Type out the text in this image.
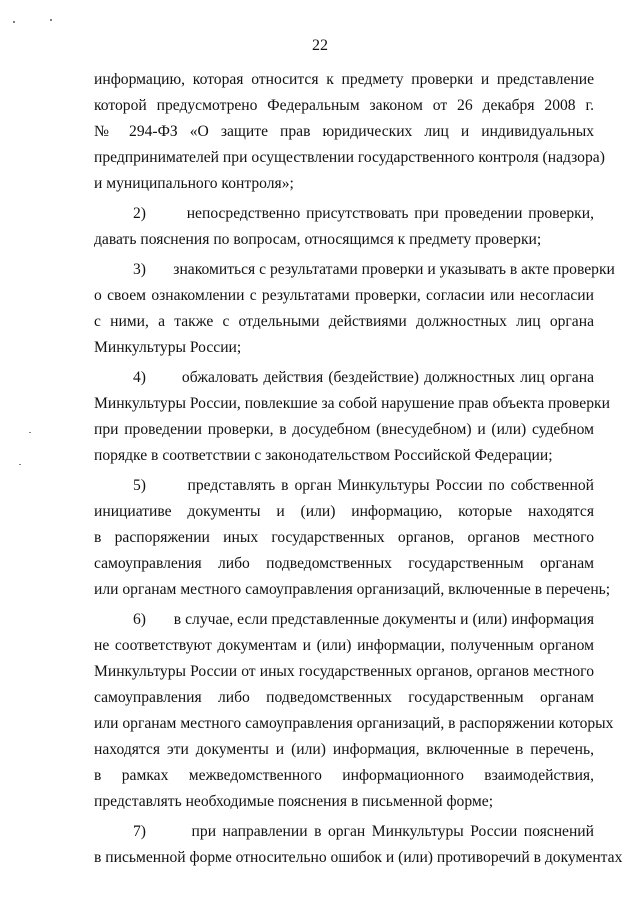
22
информацию, которая относится к предмету проверки и представление
которой предусмотрено Федеральным законом от 26 декабря 2008 г.
№ 294-ФЗ «О защите прав юридических лиц и индивидуальных
предпринимателей при осуществлении государственного контроля (надзора)
и муниципального контроля»;
2)       непосредственно присутствовать при проведении проверки,
давать пояснения по вопросам, относящимся к предмету проверки;
3)       знакомиться с результатами проверки и указывать в акте проверки
о своем ознакомлении с результатами проверки, согласии или несогласии
с ними, а также с отдельными действиями должностных лиц органа
Минкультуры России;
4)       обжаловать действия (бездействие) должностных лиц органа
Минкультуры России, повлекшие за собой нарушение прав объекта проверки
при проведении проверки, в досудебном (внесудебном) и (или) судебном
порядке в соответствии с законодательством Российской Федерации;
5)       представлять в орган Минкультуры России по собственной
инициативе документы и (или) информацию, которые находятся
в распоряжении иных государственных органов, органов местного
самоуправления либо подведомственных государственным органам
или органам местного самоуправления организаций, включенные в перечень;
6)       в случае, если представленные документы и (или) информация
не соответствуют документам и (или) информации, полученным органом
Минкультуры России от иных государственных органов, органов местного
самоуправления либо подведомственных государственным органам
или органам местного самоуправления организаций, в распоряжении которых
находятся эти документы и (или) информация, включенные в перечень,
в рамках межведомственного информационного взаимодействия,
представлять необходимые пояснения в письменной форме;
7)       при направлении в орган Минкультуры России пояснений
в письменной форме относительно ошибок и (или) противоречий в документах
